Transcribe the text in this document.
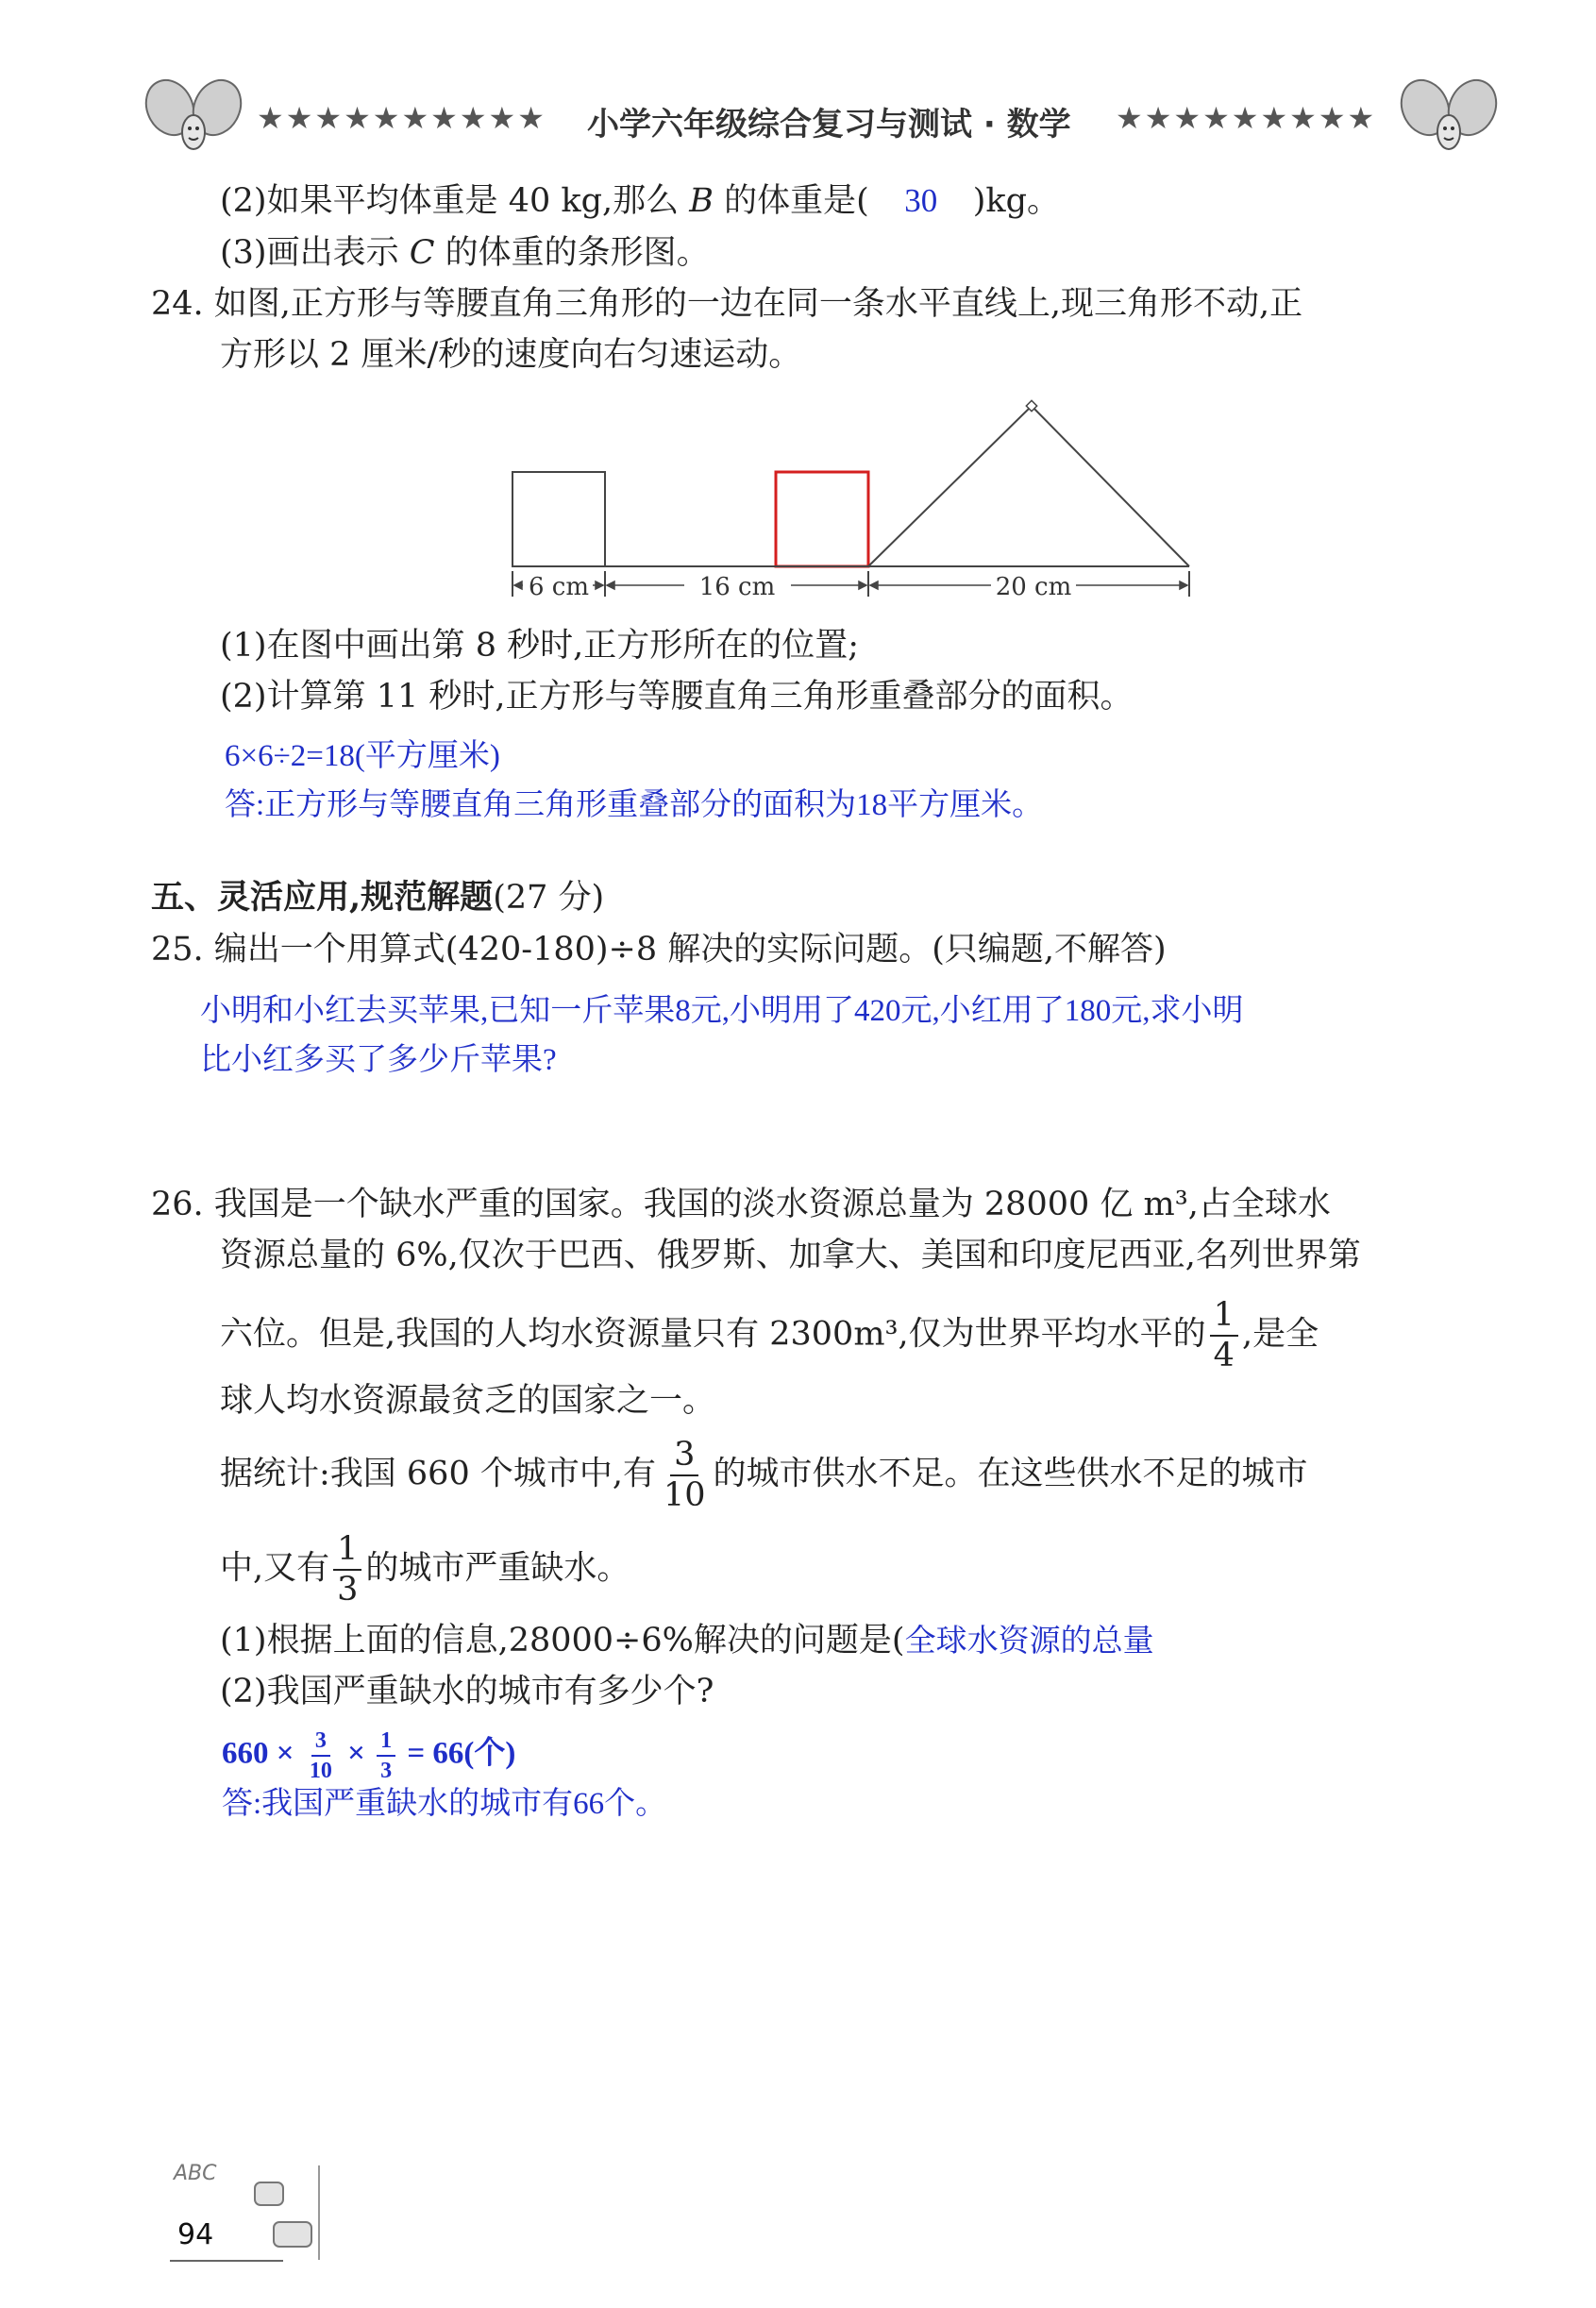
★★★★★★★★★★ 小学六年级综合复习与测试 · 数学 ★★★★★★★★★
(2)如果平均体重是 40 kg,那么 B 的体重是( 30 )kg。
(3)画出表示 C 的体重的条形图。
24. 如图,正方形与等腰直角三角形的一边在同一条水平直线上,现三角形不动,正
方形以 2 厘米/秒的速度向右匀速运动。
6 cm	16 cm	20 cm
(1)在图中画出第 8 秒时,正方形所在的位置;
(2)计算第 11 秒时,正方形与等腰直角三角形重叠部分的面积。
6×6÷2=18(平方厘米)
答:正方形与等腰直角三角形重叠部分的面积为18平方厘米。
五、灵活应用,规范解题(27 分)
25. 编出一个用算式(420-180)÷8 解决的实际问题。(只编题,不解答)
小明和小红去买苹果,已知一斤苹果8元,小明用了420元,小红用了180元,求小明
比小红多买了多少斤苹果?
26. 我国是一个缺水严重的国家。我国的淡水资源总量为 28000 亿 m³,占全球水
资源总量的 6%,仅次于巴西、俄罗斯、加拿大、美国和印度尼西亚,名列世界第
六位。但是,我国的人均水资源量只有 2300m³,仅为世界平均水平的 $\frac{1}{4}$ ,是全
球人均水资源最贫乏的国家之一。
据统计:我国 660 个城市中,有 $\frac{3}{10}$ 的城市供水不足。在这些供水不足的城市
中,又有 $\frac{1}{3}$ 的城市严重缺水。
(1)根据上面的信息,28000÷6%解决的问题是(全球水资源的总量
(2)我国严重缺水的城市有多少个?
$660 \times \frac{3}{10} \times \frac{1}{3} = 66$(个)
答:我国严重缺水的城市有66个。
ABC
94
